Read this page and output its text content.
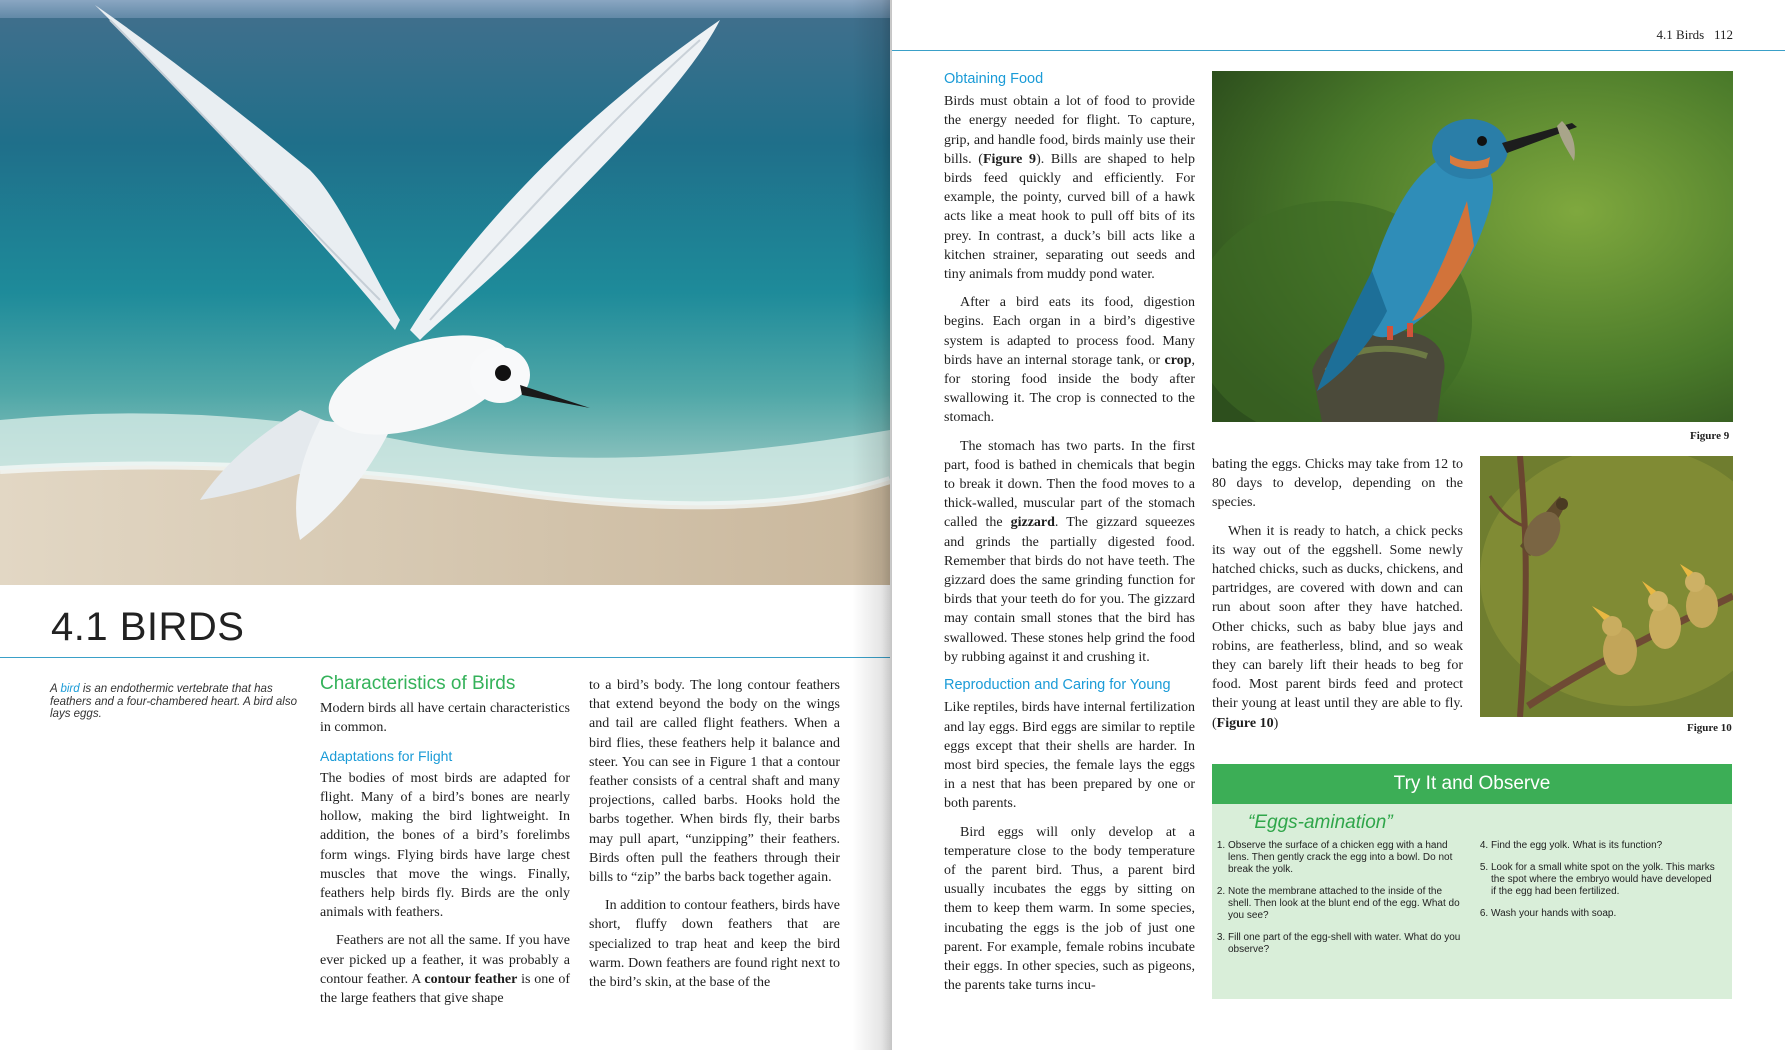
4.1 BIRDS
A bird is an endothermic vertebrate that has feathers and a four-chambered heart. A bird also lays eggs.
Characteristics of Birds

Modern birds all have certain characteristics in common.

Adaptations for Flight

The bodies of most birds are adapted for flight. Many of a bird’s bones are nearly hollow, making the bird lightweight. In addition, the bones of a bird’s forelimbs form wings. Flying birds have large chest muscles that move the wings. Finally, feathers help birds fly. Birds are the only animals with feathers.

Feathers are not all the same. If you have ever picked up a feather, it was probably a contour feather. A contour feather is one of the large feathers that give shape

to a bird’s body. The long contour feathers that extend beyond the body on the wings and tail are called flight feathers. When a bird flies, these feathers help it balance and steer. You can see in Figure 1 that a contour feather consists of a central shaft and many projections, called barbs. Hooks hold the barbs together. When birds fly, their barbs may pull apart, “unzipping” their feathers. Birds often pull the feathers through their bills to “zip” the barbs back together again.

In addition to contour feathers, birds have short, fluffy down feathers that are specialized to trap heat and keep the bird warm. Down feathers are found right next to the bird’s skin, at the base of the

4.1 Birds   112
Obtaining Food

Birds must obtain a lot of food to provide the energy needed for flight. To capture, grip, and handle food, birds mainly use their bills. (Figure 9). Bills are shaped to help birds feed quickly and efficiently. For example, the pointy, curved bill of a hawk acts like a meat hook to pull off bits of its prey. In contrast, a duck’s bill acts like a kitchen strainer, separating out seeds and tiny animals from muddy pond water.

After a bird eats its food, digestion begins. Each organ in a bird’s digestive system is adapted to process food. Many birds have an internal storage tank, or crop, for storing food inside the body after swallowing it. The crop is connected to the stomach.

The stomach has two parts. In the first part, food is bathed in chemicals that begin to break it down. Then the food moves to a thick-walled, muscular part of the stomach called the gizzard. The gizzard squeezes and grinds the partially digested food. Remember that birds do not have teeth. The gizzard does the same grinding function for birds that your teeth do for you. The gizzard may contain small stones that the bird has swallowed. These stones help grind the food by rubbing against it and crushing it.

Reproduction and Caring for Young

Like reptiles, birds have internal fertilization and lay eggs. Bird eggs are similar to reptile eggs except that their shells are harder. In most bird species, the female lays the eggs in a nest that has been prepared by one or both parents.

Bird eggs will only develop at a temperature close to the body temperature of the parent bird. Thus, a parent bird usually incubates the eggs by sitting on them to keep them warm. In some species, incubating the eggs is the job of just one parent. For example, female robins incubate their eggs. In other species, such as pigeons, the parents take turns incu-

Figure 9

bating the eggs. Chicks may take from 12 to 80 days to develop, depending on the species.

When it is ready to hatch, a chick pecks its way out of the eggshell. Some newly hatched chicks, such as ducks, chickens, and partridges, are covered with down and can run about soon after they have hatched. Other chicks, such as baby blue jays and robins, are featherless, blind, and so weak they can barely lift their heads to beg for food. Most parent birds feed and protect their young at least until they are able to fly. (Figure 10)	Figure 10
Try It and Observe
“Eggs-amination”
1. Observe the surface of a chicken egg with a hand lens. Then gently crack the egg into a bowl. Do not break the yolk.
2. Note the membrane attached to the inside of the shell. Then look at the blunt end of the egg. What do you see?
3. Fill one part of the egg-shell with water. What do you observe?
4. Find the egg yolk. What is its function?
5. Look for a small white spot on the yolk. This marks the spot where the embryo would have developed if the egg had been fertilized.
6. Wash your hands with soap.
